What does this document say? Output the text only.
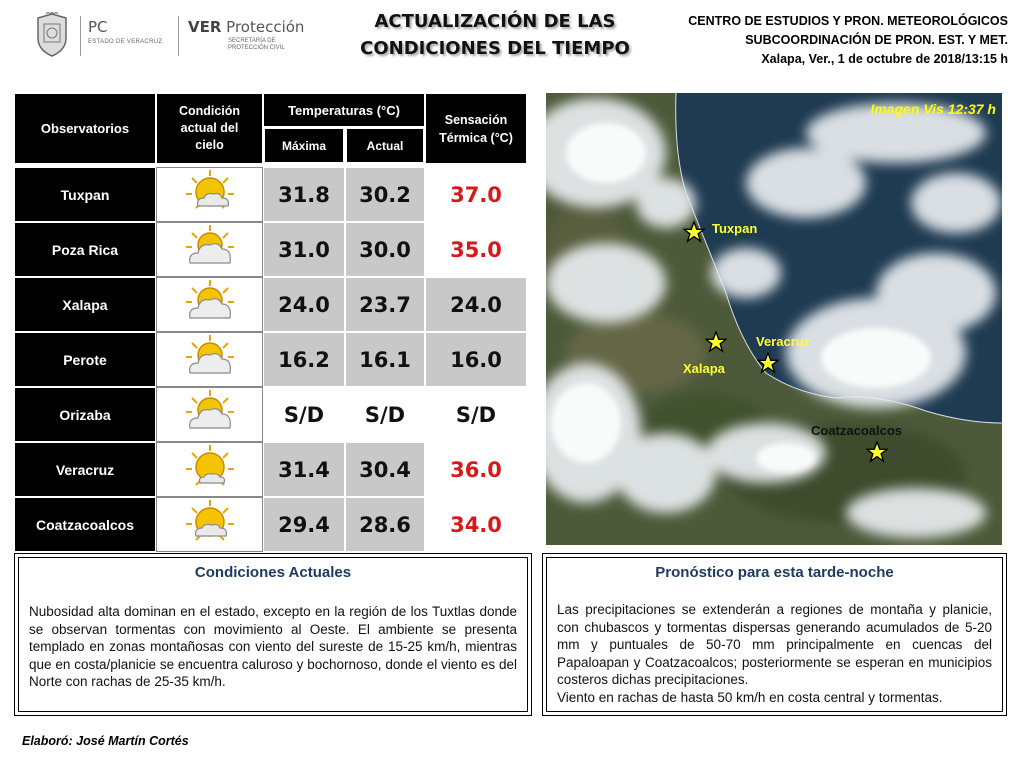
PC
ESTADO DE VERACRUZ
VER Protección
SECRETARÍA DE
PROTECCIÓN CIVIL
ACTUALIZACIÓN DE LAS
CONDICIONES DEL TIEMPO
CENTRO DE ESTUDIOS Y PRON. METEOROLÓGICOS
SUBCOORDINACIÓN DE PRON. EST. Y MET.
Xalapa, Ver., 1 de octubre de 2018/13:15 h
Observatorios	Condición actual del cielo	Temperaturas (°C)		Sensación Térmica (°C)
		Máxima	Actual	

Tuxpan		31.8	30.2	37.0
Poza Rica		31.0	30.0	35.0
Xalapa		24.0	23.7	24.0
Perote		16.2	16.1	16.0
Orizaba		S/D	S/D	S/D
Veracruz		31.4	30.4	36.0
Coatzacoalcos		29.4	28.6	34.0
Imagen Vis 12:37 h
Tuxpan
Xalapa
Veracruz
Coatzacoalcos
Condiciones Actuales
Nubosidad alta dominan en el estado, excepto en la región de los Tuxtlas donde se observan tormentas con movimiento al Oeste. El ambiente se presenta templado en zonas montañosas con viento del sureste de 15-25 km/h, mientras que en costa/planicie se encuentra caluroso y bochornoso, donde el viento es del Norte con rachas de 25-35 km/h.
Pronóstico para esta tarde-noche
Las precipitaciones se extenderán a regiones de montaña y planicie, con chubascos y tormentas dispersas generando acumulados de 5-20 mm y puntuales de 50-70 mm principalmente en cuencas del Papaloapan y Coatzacoalcos; posteriormente se esperan en municipios costeros dichas precipitaciones.
Viento en rachas de hasta 50 km/h en costa central y tormentas.
Elaboró: José Martín Cortés
